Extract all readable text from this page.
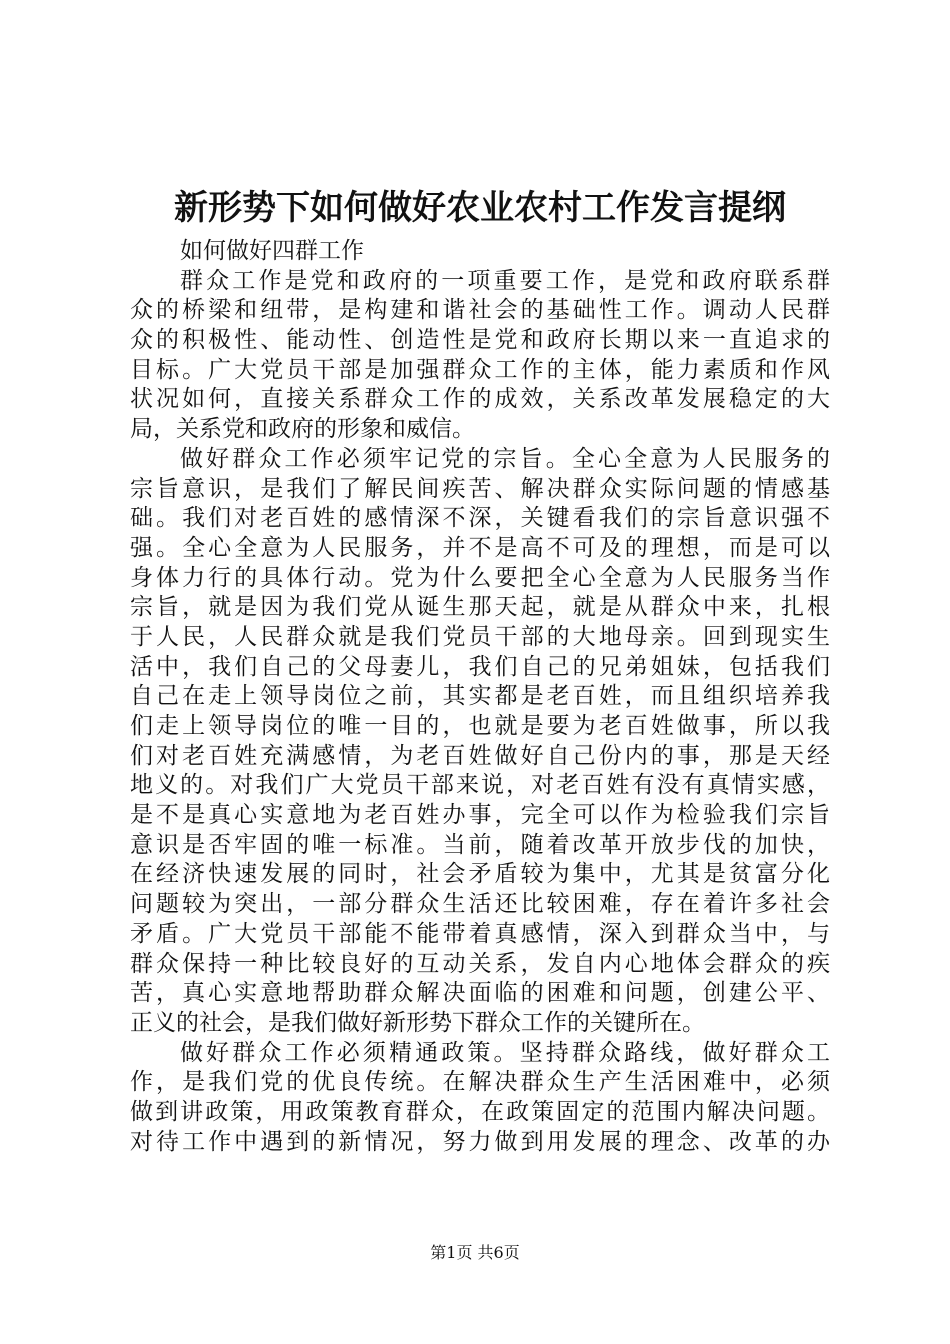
新形势下如何做好农业农村工作发言提纲

如何做好四群工作

群众工作是党和政府的一项重要工作，是党和政府联系群
众的桥梁和纽带，是构建和谐社会的基础性工作。调动人民群
众的积极性、能动性、创造性是党和政府长期以来一直追求的
目标。广大党员干部是加强群众工作的主体，能力素质和作风
状况如何，直接关系群众工作的成效，关系改革发展稳定的大
局，关系党和政府的形象和威信。
做好群众工作必须牢记党的宗旨。全心全意为人民服务的
宗旨意识，是我们了解民间疾苦、解决群众实际问题的情感基
础。我们对老百姓的感情深不深，关键看我们的宗旨意识强不
强。全心全意为人民服务，并不是高不可及的理想，而是可以
身体力行的具体行动。党为什么要把全心全意为人民服务当作
宗旨，就是因为我们党从诞生那天起，就是从群众中来，扎根
于人民，人民群众就是我们党员干部的大地母亲。回到现实生
活中，我们自己的父母妻儿，我们自己的兄弟姐妹，包括我们
自己在走上领导岗位之前，其实都是老百姓，而且组织培养我
们走上领导岗位的唯一目的，也就是要为老百姓做事，所以我
们对老百姓充满感情，为老百姓做好自己份内的事，那是天经
地义的。对我们广大党员干部来说，对老百姓有没有真情实感，
是不是真心实意地为老百姓办事，完全可以作为检验我们宗旨
意识是否牢固的唯一标准。当前，随着改革开放步伐的加快，
在经济快速发展的同时，社会矛盾较为集中，尤其是贫富分化
问题较为突出，一部分群众生活还比较困难，存在着许多社会
矛盾。广大党员干部能不能带着真感情，深入到群众当中，与
群众保持一种比较良好的互动关系，发自内心地体会群众的疾
苦，真心实意地帮助群众解决面临的困难和问题，创建公平、
正义的社会，是我们做好新形势下群众工作的关键所在。
做好群众工作必须精通政策。坚持群众路线，做好群众工
作，是我们党的优良传统。在解决群众生产生活困难中，必须
做到讲政策，用政策教育群众，在政策固定的范围内解决问题。
对待工作中遇到的新情况，努力做到用发展的理念、改革的办
第1页 共6页
